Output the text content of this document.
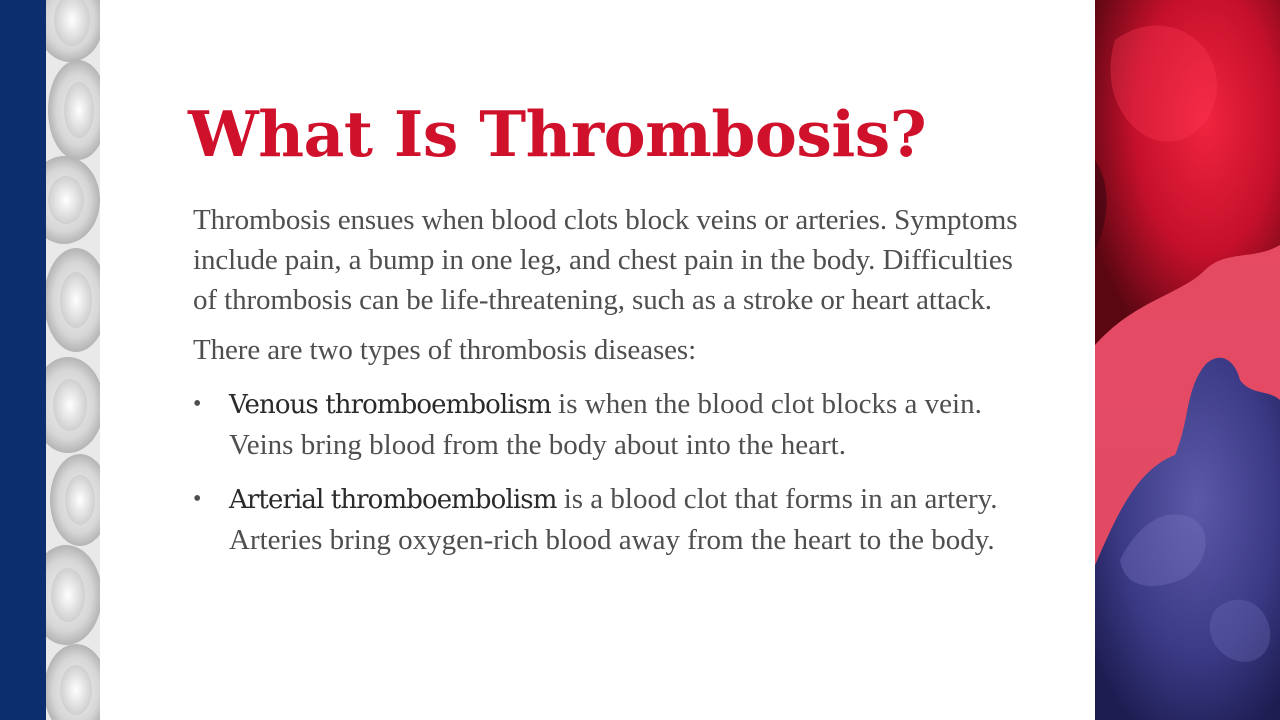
What Is Thrombosis?

Thrombosis ensues when blood clots block veins or arteries. Symptoms include pain, a bump in one leg, and chest pain in the body. Difficulties of thrombosis can be life-threatening, such as a stroke or heart attack.

There are two types of thrombosis diseases:

• Venous thromboembolism is when the blood clot blocks a vein. Veins bring blood from the body about into the heart.
• Arterial thromboembolism is a blood clot that forms in an artery. Arteries bring oxygen-rich blood away from the heart to the body.
